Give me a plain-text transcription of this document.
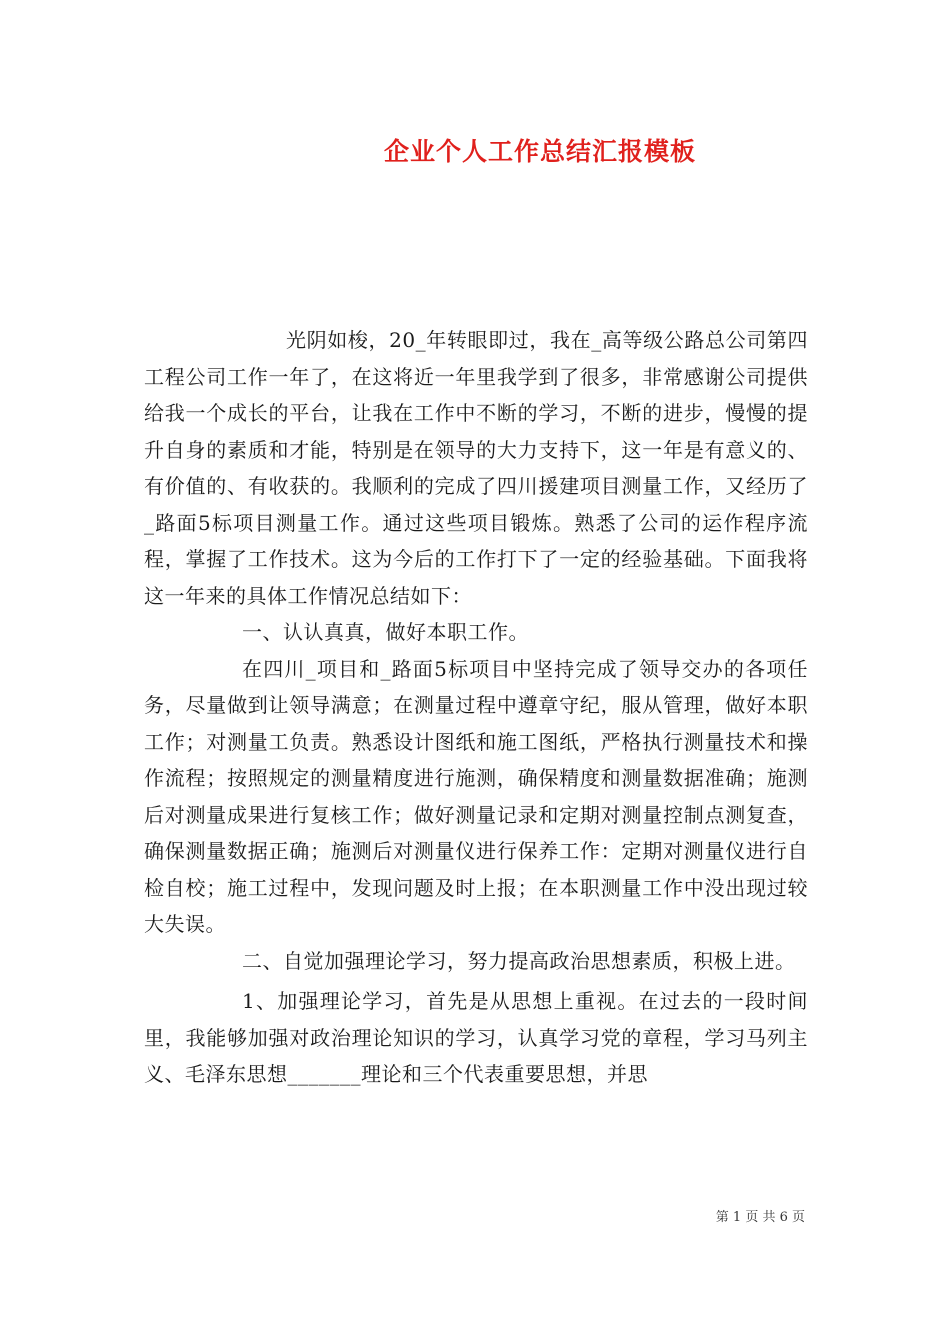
企业个人工作总结汇报模板

光阴如梭，20_年转眼即过，我在_高等级公路总公司第四工程公司工作一年了，在这将近一年里我学到了很多，非常感谢公司提供给我一个成长的平台，让我在工作中不断的学习，不断的进步，慢慢的提升自身的素质和才能，特别是在领导的大力支持下，这一年是有意义的、有价值的、有收获的。我顺利的完成了四川援建项目测量工作，又经历了_路面5标项目测量工作。通过这些项目锻炼。熟悉了公司的运作程序流程，掌握了工作技术。这为今后的工作打下了一定的经验基础。下面我将这一年来的具体工作情况总结如下：

一、认认真真，做好本职工作。

在四川_项目和_路面5标项目中坚持完成了领导交办的各项任务，尽量做到让领导满意；在测量过程中遵章守纪，服从管理，做好本职工作；对测量工负责。熟悉设计图纸和施工图纸，严格执行测量技术和操作流程；按照规定的测量精度进行施测，确保精度和测量数据准确；施测后对测量成果进行复核工作；做好测量记录和定期对测量控制点测复查，确保测量数据正确；施测后对测量仪进行保养工作：定期对测量仪进行自检自校；施工过程中，发现问题及时上报；在本职测量工作中没出现过较大失误。

二、自觉加强理论学习，努力提高政治思想素质，积极上进。

1、加强理论学习，首先是从思想上重视。在过去的一段时间里，我能够加强对政治理论知识的学习，认真学习党的章程，学习马列主义、毛泽东思想_______理论和三个代表重要思想，并思

第 1 页 共 6 页
